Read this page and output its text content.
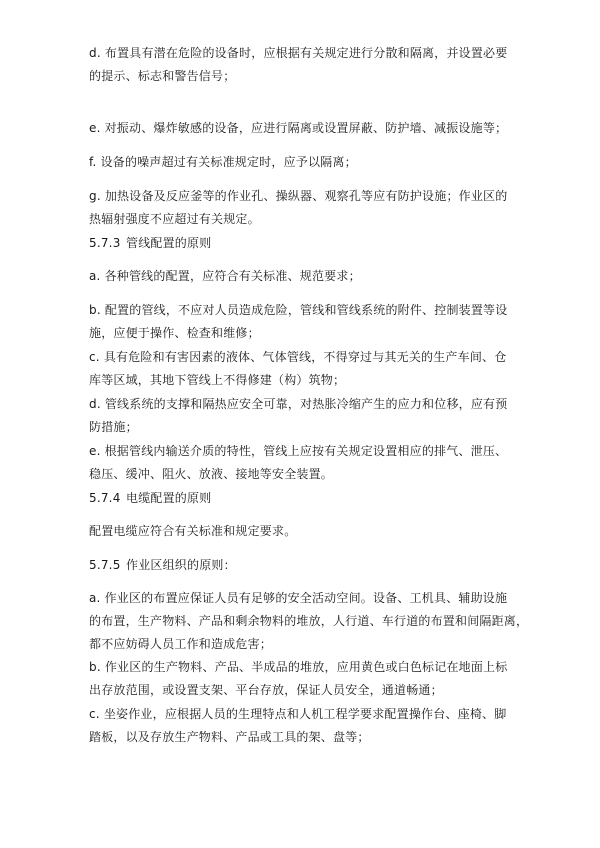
d. 布置具有潜在危险的设备时，应根据有关规定进行分散和隔离，并设置必要
的提示、标志和警告信号；
e. 对振动、爆炸敏感的设备，应进行隔离或设置屏蔽、防护墙、减振设施等；
f. 设备的噪声超过有关标准规定时，应予以隔离；
g. 加热设备及反应釜等的作业孔、操纵器、观察孔等应有防护设施；作业区的
热辐射强度不应超过有关规定。
5.7.3 管线配置的原则
a. 各种管线的配置，应符合有关标准、规范要求；
b. 配置的管线，不应对人员造成危险，管线和管线系统的附件、控制装置等设
施，应便于操作、检查和维修；
c. 具有危险和有害因素的液体、气体管线，不得穿过与其无关的生产车间、仓
库等区域，其地下管线上不得修建（构）筑物；
d. 管线系统的支撑和隔热应安全可靠，对热胀冷缩产生的应力和位移，应有预
防措施；
e. 根据管线内输送介质的特性，管线上应按有关规定设置相应的排气、泄压、
稳压、缓冲、阻火、放液、接地等安全装置。
5.7.4 电缆配置的原则
配置电缆应符合有关标准和规定要求。
5.7.5 作业区组织的原则：
a. 作业区的布置应保证人员有足够的安全活动空间。设备、工机具、辅助设施
的布置，生产物料、产品和剩余物料的堆放，人行道、车行道的布置和间隔距离，
都不应妨碍人员工作和造成危害；
b. 作业区的生产物料、产品、半成品的堆放，应用黄色或白色标记在地面上标
出存放范围，或设置支架、平台存放，保证人员安全，通道畅通；
c. 坐姿作业，应根据人员的生理特点和人机工程学要求配置操作台、座椅、脚
踏板，以及存放生产物料、产品或工具的架、盘等；
